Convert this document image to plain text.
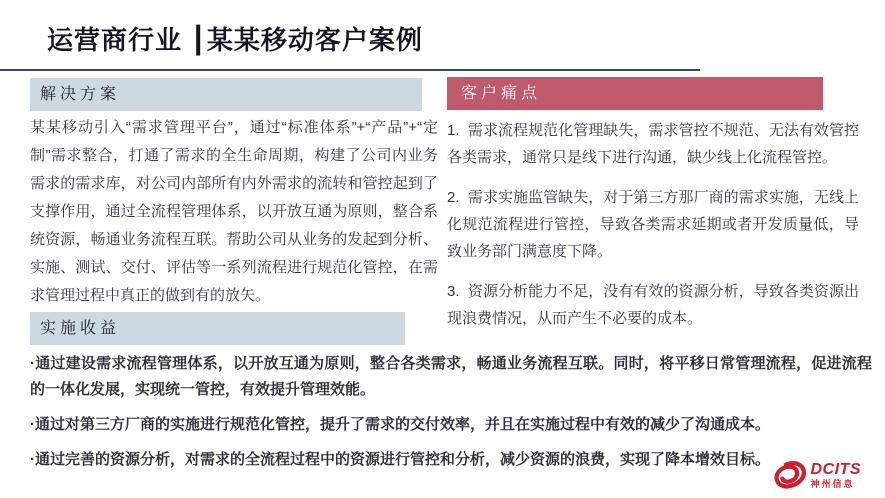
运营商行业 ┃某某移动客户案例
解决方案
某某移动引入“需求管理平台”，通过“标准体系”+“产品”+“定制”需求整合，打通了需求的全生命周期，构建了公司内业务需求的需求库，对公司内部所有内外需求的流转和管控起到了支撑作用，通过全流程管理体系，以开放互通为原则，整合系统资源，畅通业务流程互联。帮助公司从业务的发起到分析、实施、测试、交付、评估等一系列流程进行规范化管控，在需求管理过程中真正的做到有的放矢。
客户痛点
1.  需求流程规范化管理缺失，需求管控不规范、无法有效管控各类需求，通常只是线下进行沟通，缺少线上化流程管控。
2.  需求实施监管缺失，对于第三方那厂商的需求实施，无线上化规范流程进行管控，导致各类需求延期或者开发质量低，导致业务部门满意度下降。
3.  资源分析能力不足，没有有效的资源分析，导致各类资源出现浪费情况，从而产生不必要的成本。
实施收益
·通过建设需求流程管理体系，以开放互通为原则，整合各类需求，畅通业务流程互联。同时，将平移日常管理流程，促进流程的一体化发展，实现统一管控，有效提升管理效能。
·通过对第三方厂商的实施进行规范化管控，提升了需求的交付效率，并且在实施过程中有效的减少了沟通成本。
·通过完善的资源分析，对需求的全流程过程中的资源进行管控和分析，减少资源的浪费，实现了降本增效目标。
DCITS
神州信息
